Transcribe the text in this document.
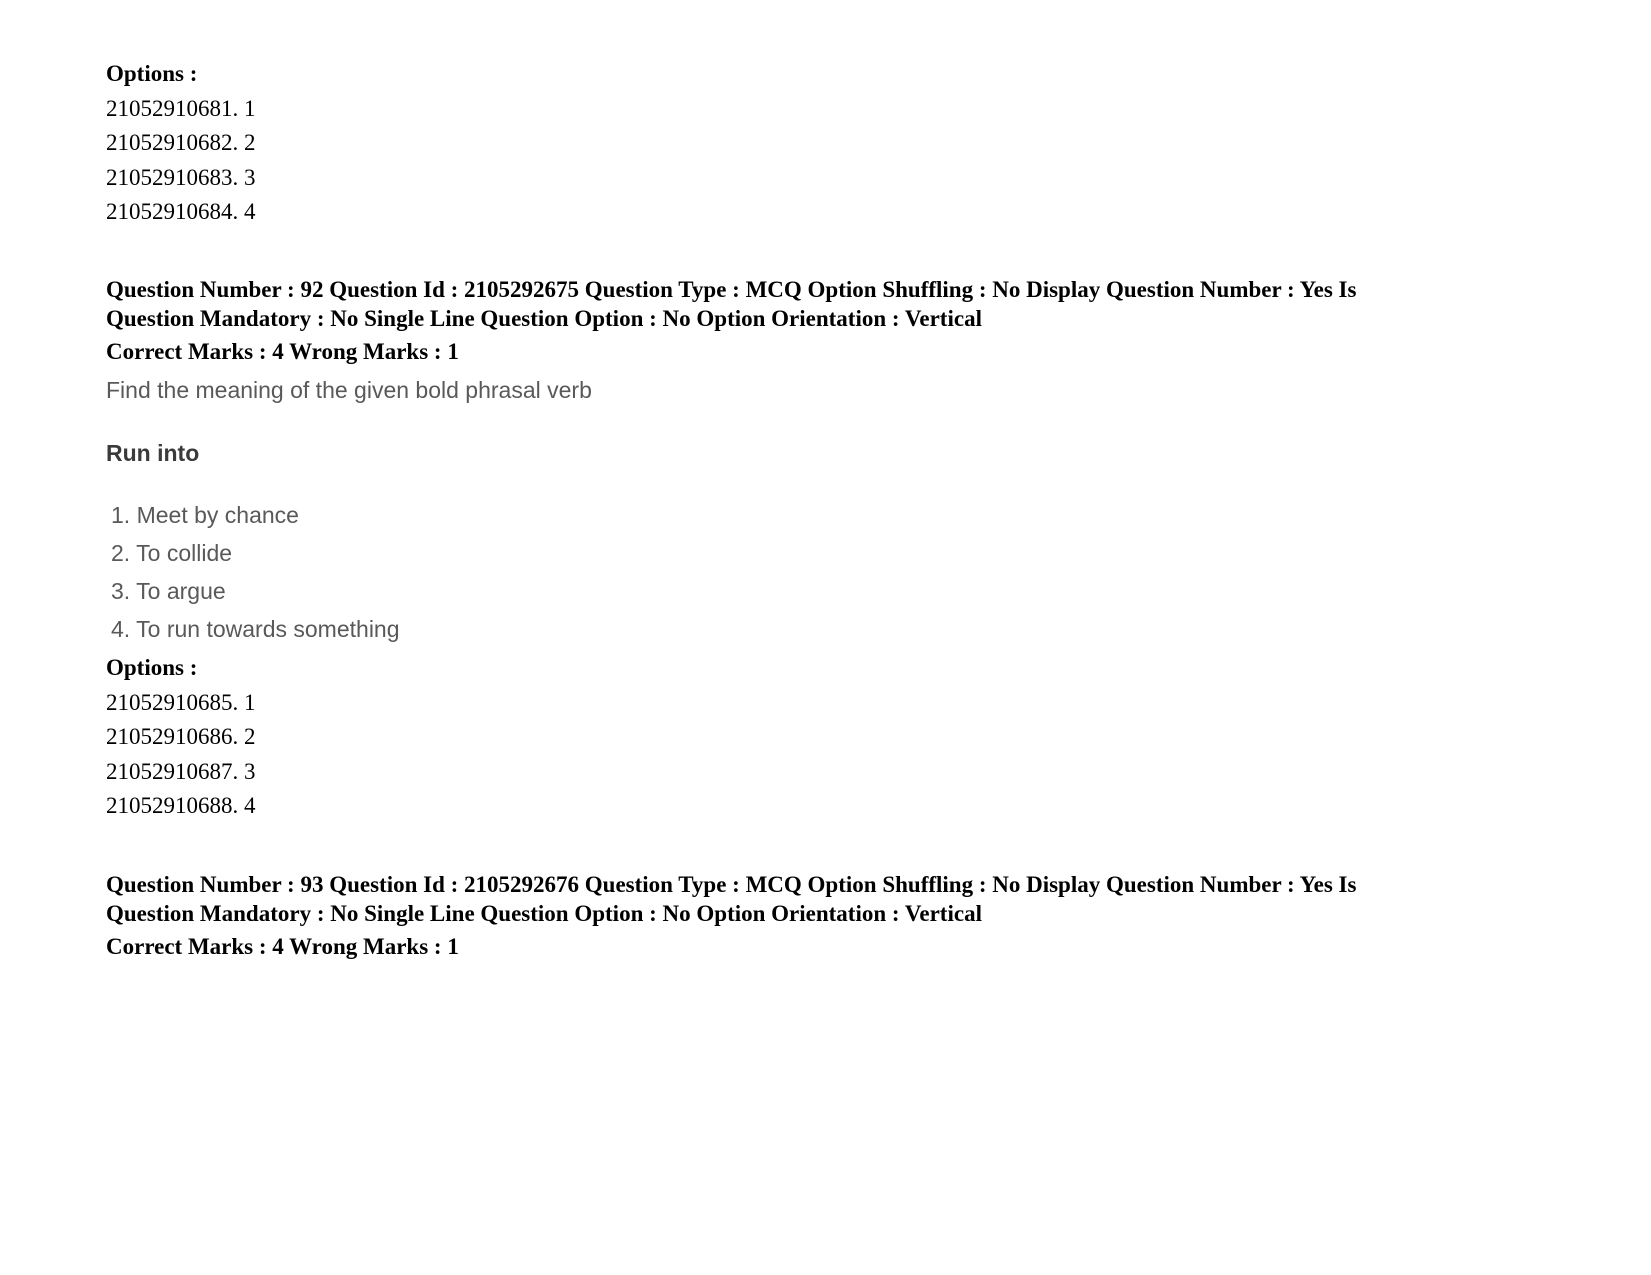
Options :
21052910681. 1
21052910682. 2
21052910683. 3
21052910684. 4
Question Number : 92 Question Id : 2105292675 Question Type : MCQ Option Shuffling : No Display Question Number : Yes Is
Question Mandatory : No Single Line Question Option : No Option Orientation : Vertical
Correct Marks : 4 Wrong Marks : 1
Find the meaning of the given bold phrasal verb
Run into
1. Meet by chance
2. To collide
3. To argue
4. To run towards something
Options :
21052910685. 1
21052910686. 2
21052910687. 3
21052910688. 4
Question Number : 93 Question Id : 2105292676 Question Type : MCQ Option Shuffling : No Display Question Number : Yes Is
Question Mandatory : No Single Line Question Option : No Option Orientation : Vertical
Correct Marks : 4 Wrong Marks : 1
